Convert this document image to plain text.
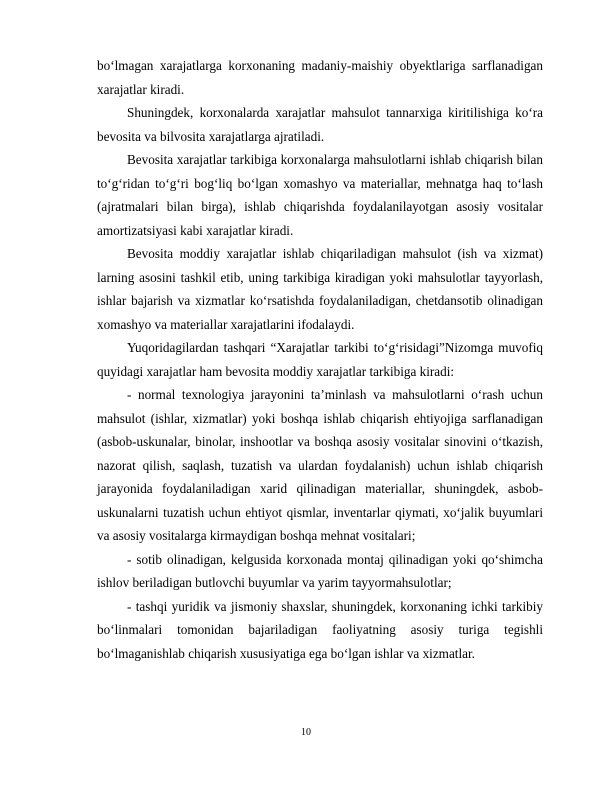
bo‘lmagan xarajatlarga korxonaning madaniy-maishiy obyektlariga sarflanadigan xarajatlar kiradi.

Shuningdek, korxonalarda xarajatlar mahsulot tannarxiga kiritilishiga ko‘ra bevosita va bilvosita xarajatlarga ajratiladi.

Bevosita xarajatlar tarkibiga korxonalarga mahsulotlarni ishlab chiqarish bilan to‘g‘ridan to‘g‘ri bog‘liq bo‘lgan xomashyo va materiallar, mehnatga haq to‘lash (ajratmalari bilan birga), ishlab chiqarishda foydalanilayotgan asosiy vositalar amortizatsiyasi kabi xarajatlar kiradi.

Bevosita moddiy xarajatlar ishlab chiqariladigan mahsulot (ish va xizmat) larning asosini tashkil etib, uning tarkibiga kiradigan yoki mahsulotlar tayyorlash, ishlar bajarish va xizmatlar ko‘rsatishda foydalaniladigan, chetdansotib olinadigan xomashyo va materiallar xarajatlarini ifodalaydi.

Yuqoridagilardan tashqari “Xarajatlar tarkibi to‘g‘risidagi”Nizomga muvofiq quyidagi xarajatlar ham bevosita moddiy xarajatlar tarkibiga kiradi:

- normal texnologiya jarayonini ta’minlash va mahsulotlarni o‘rash uchun mahsulot (ishlar, xizmatlar) yoki boshqa ishlab chiqarish ehtiyojiga sarflanadigan (asbob-uskunalar, binolar, inshootlar va boshqa asosiy vositalar sinovini o‘tkazish, nazorat qilish, saqlash, tuzatish va ulardan foydalanish) uchun ishlab chiqarish jarayonida foydalaniladigan xarid qilinadigan materiallar, shuningdek, asbob-uskunalarni tuzatish uchun ehtiyot qismlar, inventarlar qiymati, xo‘jalik buyumlari va asosiy vositalarga kirmaydigan boshqa mehnat vositalari;

- sotib olinadigan, kelgusida korxonada montaj qilinadigan yoki qo‘shimcha ishlov beriladigan butlovchi buyumlar va yarim tayyormahsulotlar;

- tashqi yuridik va jismoniy shaxslar, shuningdek, korxonaning ichki tarkibiy bo‘linmalari tomonidan bajariladigan faoliyatning asosiy turiga tegishli bo‘lmaganishlab chiqarish xususiyatiga ega bo‘lgan ishlar va xizmatlar.

10
